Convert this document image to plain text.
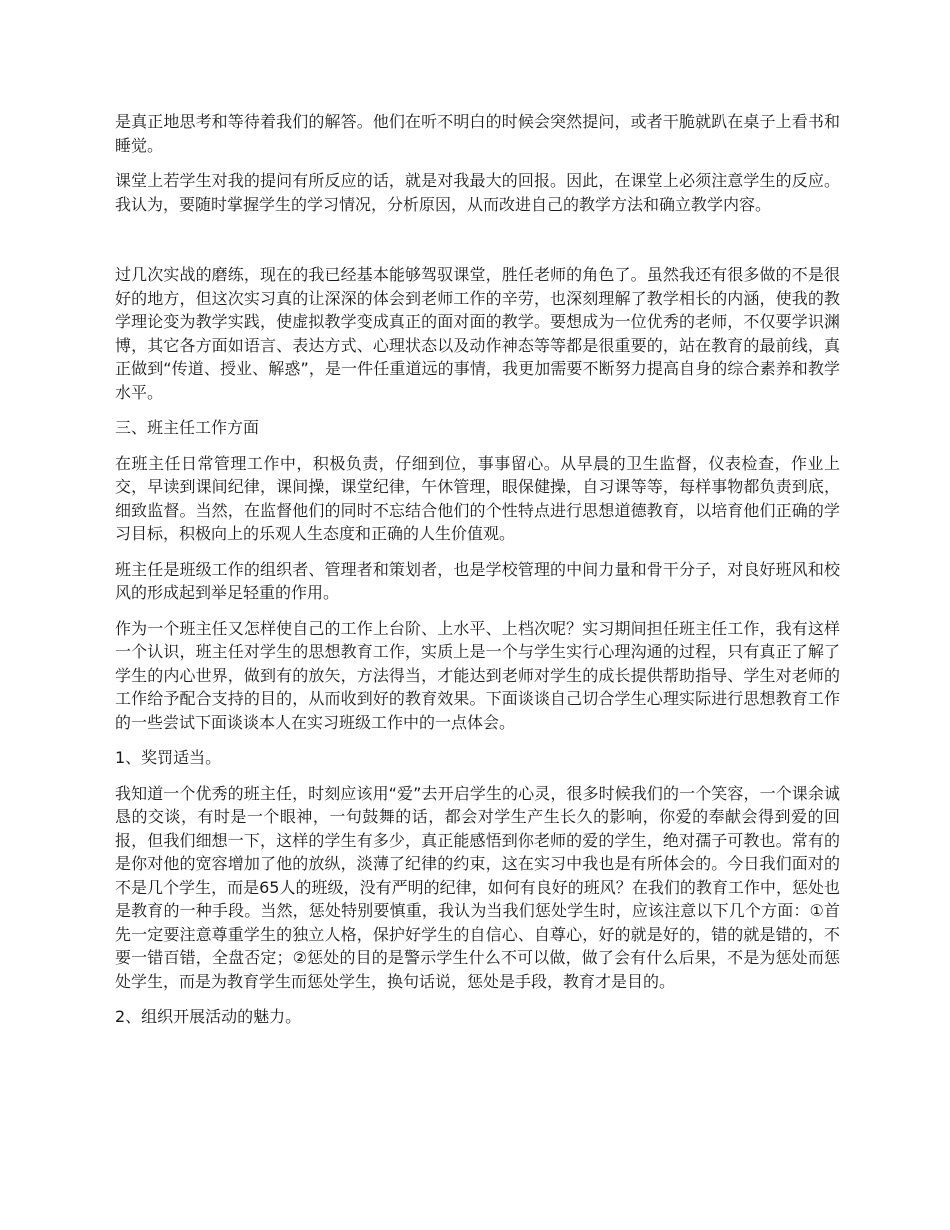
是真正地思考和等待着我们的解答。他们在听不明白的时候会突然提问，或者干脆就趴在桌子上看书和睡觉。

课堂上若学生对我的提问有所反应的话，就是对我最大的回报。因此，在课堂上必须注意学生的反应。我认为，要随时掌握学生的学习情况，分析原因，从而改进自己的教学方法和确立教学内容。

过几次实战的磨练，现在的我已经基本能够驾驭课堂，胜任老师的角色了。虽然我还有很多做的不是很好的地方，但这次实习真的让深深的体会到老师工作的辛劳，也深刻理解了教学相长的内涵，使我的教学理论变为教学实践，使虚拟教学变成真正的面对面的教学。要想成为一位优秀的老师，不仅要学识渊博，其它各方面如语言、表达方式、心理状态以及动作神态等等都是很重要的，站在教育的最前线，真正做到“传道、授业、解惑”，是一件任重道远的事情，我更加需要不断努力提高自身的综合素养和教学水平。

三、班主任工作方面

在班主任日常管理工作中，积极负责，仔细到位，事事留心。从早晨的卫生监督，仪表检查，作业上交，早读到课间纪律，课间操，课堂纪律，午休管理，眼保健操，自习课等等，每样事物都负责到底，细致监督。当然，在监督他们的同时不忘结合他们的个性特点进行思想道德教育，以培育他们正确的学习目标，积极向上的乐观人生态度和正确的人生价值观。

班主任是班级工作的组织者、管理者和策划者，也是学校管理的中间力量和骨干分子，对良好班风和校风的形成起到举足轻重的作用。

作为一个班主任又怎样使自己的工作上台阶、上水平、上档次呢？实习期间担任班主任工作，我有这样一个认识，班主任对学生的思想教育工作，实质上是一个与学生实行心理沟通的过程，只有真正了解了学生的内心世界，做到有的放矢，方法得当，才能达到老师对学生的成长提供帮助指导、学生对老师的工作给予配合支持的目的，从而收到好的教育效果。下面谈谈自己切合学生心理实际进行思想教育工作的一些尝试下面谈谈本人在实习班级工作中的一点体会。

1、奖罚适当。

我知道一个优秀的班主任，时刻应该用“爱”去开启学生的心灵，很多时候我们的一个笑容，一个课余诚恳的交谈，有时是一个眼神，一句鼓舞的话，都会对学生产生长久的影响，你爱的奉献会得到爱的回报，但我们细想一下，这样的学生有多少，真正能感悟到你老师的爱的学生，绝对孺子可教也。常有的是你对他的宽容增加了他的放纵，淡薄了纪律的约束，这在实习中我也是有所体会的。今日我们面对的不是几个学生，而是65人的班级，没有严明的纪律，如何有良好的班风？在我们的教育工作中，惩处也是教育的一种手段。当然，惩处特别要慎重，我认为当我们惩处学生时，应该注意以下几个方面：①首先一定要注意尊重学生的独立人格，保护好学生的自信心、自尊心，好的就是好的，错的就是错的，不要一错百错，全盘否定；②惩处的目的是警示学生什么不可以做，做了会有什么后果，不是为惩处而惩处学生，而是为教育学生而惩处学生，换句话说，惩处是手段，教育才是目的。

2、组织开展活动的魅力。
